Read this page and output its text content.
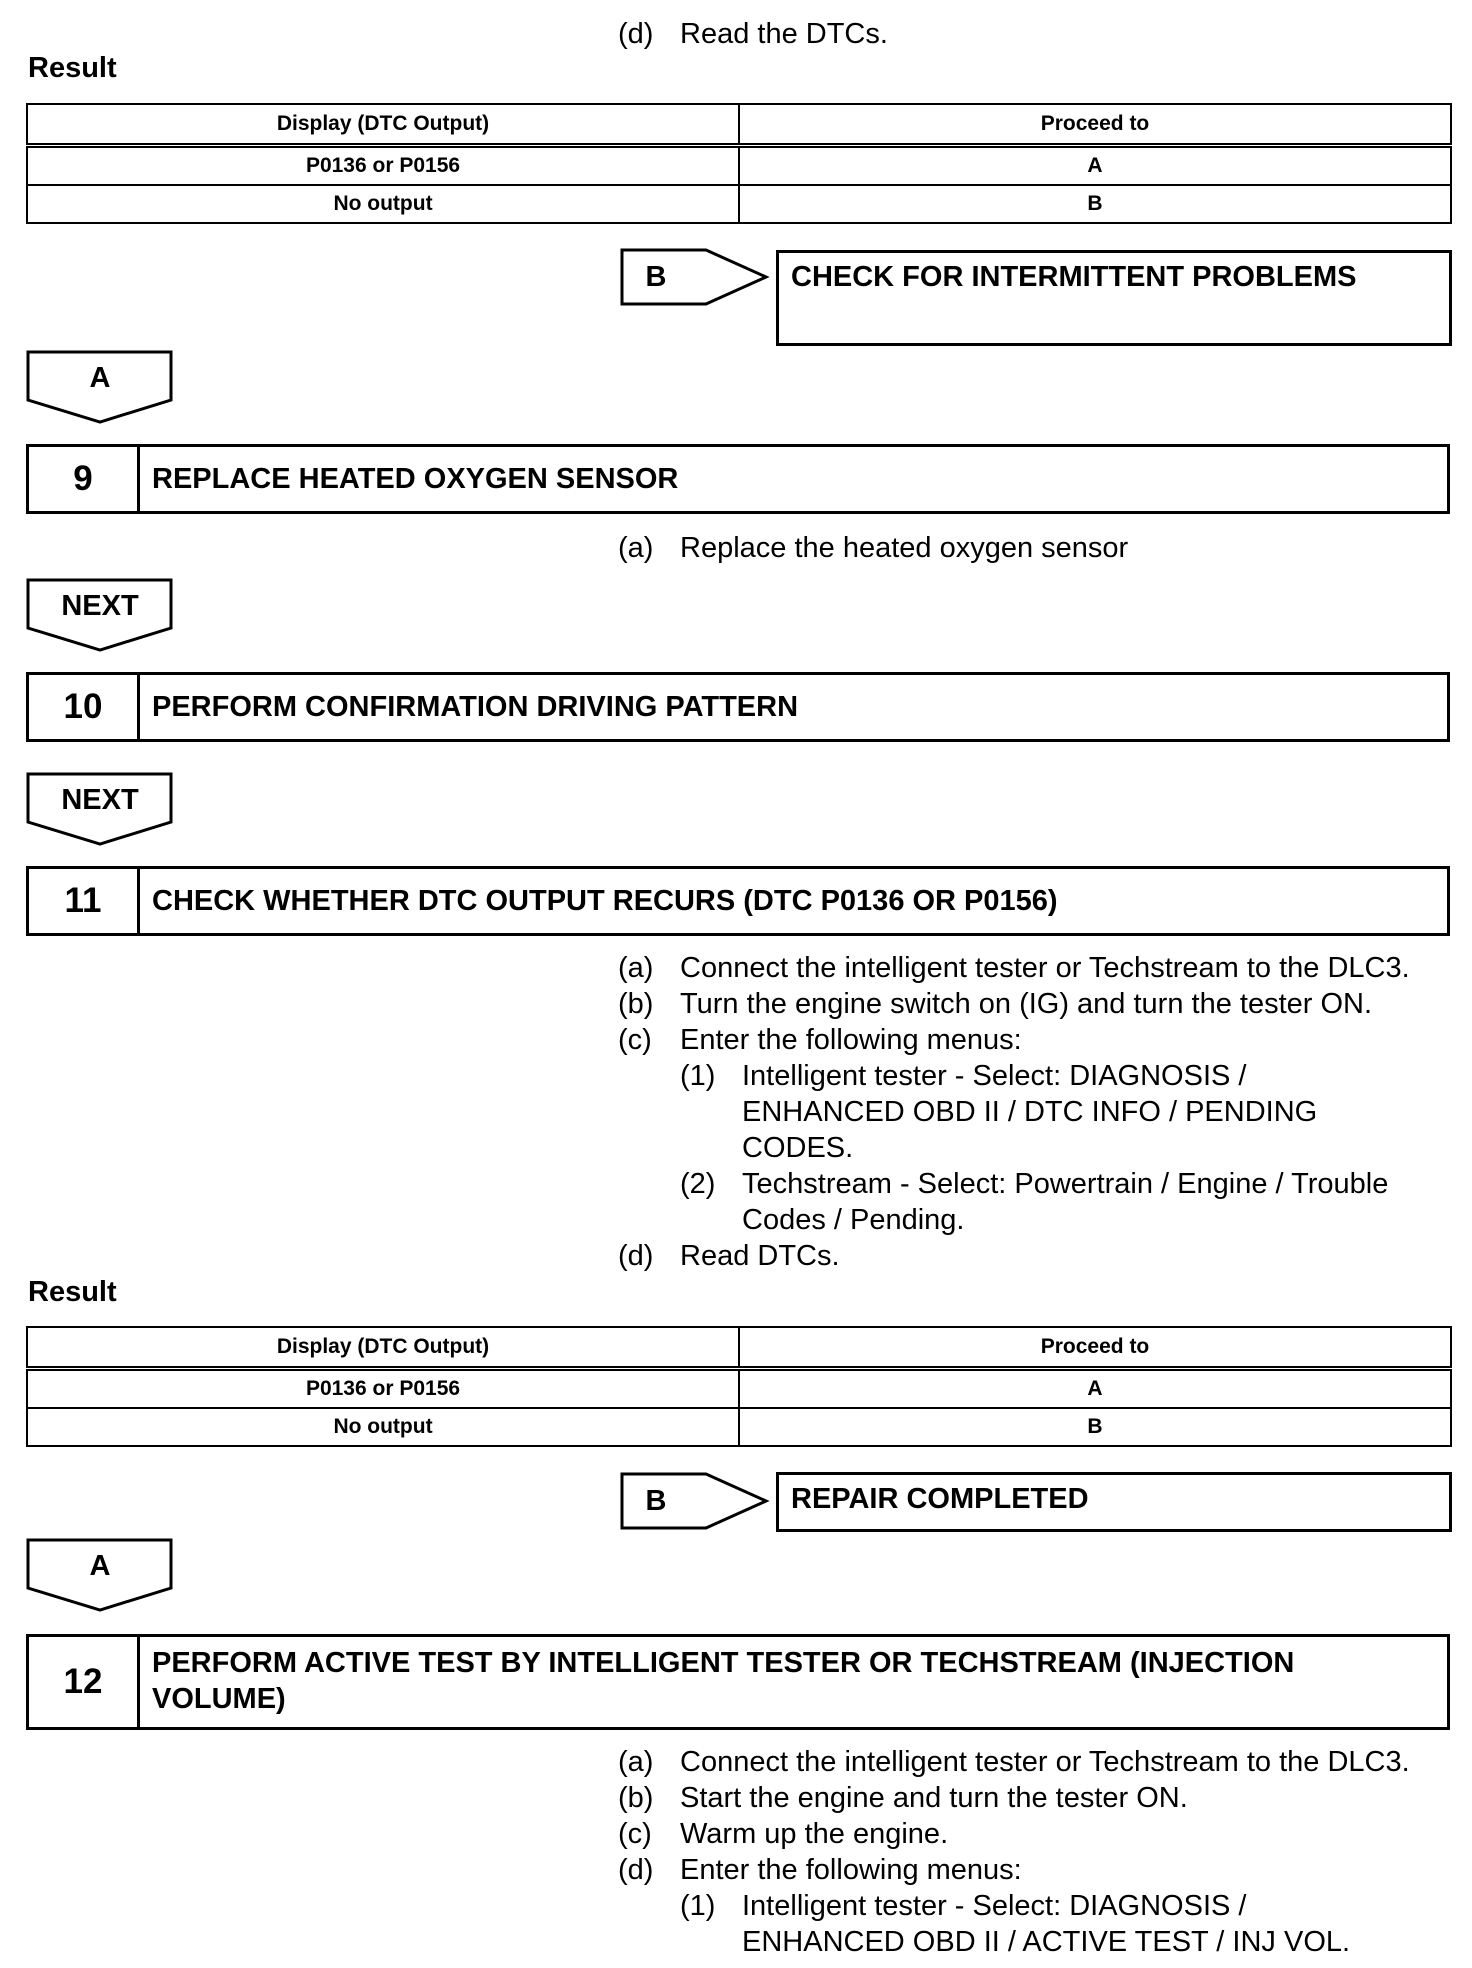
(d) Read the DTCs.
Result
Display (DTC Output)	Proceed to
P0136 or P0156	A
No output	B
B	CHECK FOR INTERMITTENT PROBLEMS
A
9	REPLACE HEATED OXYGEN SENSOR
(a) Replace the heated oxygen sensor
NEXT
10	PERFORM CONFIRMATION DRIVING PATTERN
NEXT
11	CHECK WHETHER DTC OUTPUT RECURS (DTC P0136 OR P0156)
(a) Connect the intelligent tester or Techstream to the DLC3.
(b) Turn the engine switch on (IG) and turn the tester ON.
(c) Enter the following menus:
(1) Intelligent tester - Select: DIAGNOSIS /
ENHANCED OBD II / DTC INFO / PENDING
CODES.
(2) Techstream - Select: Powertrain / Engine / Trouble
Codes / Pending.
(d) Read DTCs.
Result
Display (DTC Output)	Proceed to
P0136 or P0156	A
No output	B
B	REPAIR COMPLETED
A
12	PERFORM ACTIVE TEST BY INTELLIGENT TESTER OR TECHSTREAM (INJECTION
VOLUME)
(a) Connect the intelligent tester or Techstream to the DLC3.
(b) Start the engine and turn the tester ON.
(c) Warm up the engine.
(d) Enter the following menus:
(1) Intelligent tester - Select: DIAGNOSIS /
ENHANCED OBD II / ACTIVE TEST / INJ VOL.
